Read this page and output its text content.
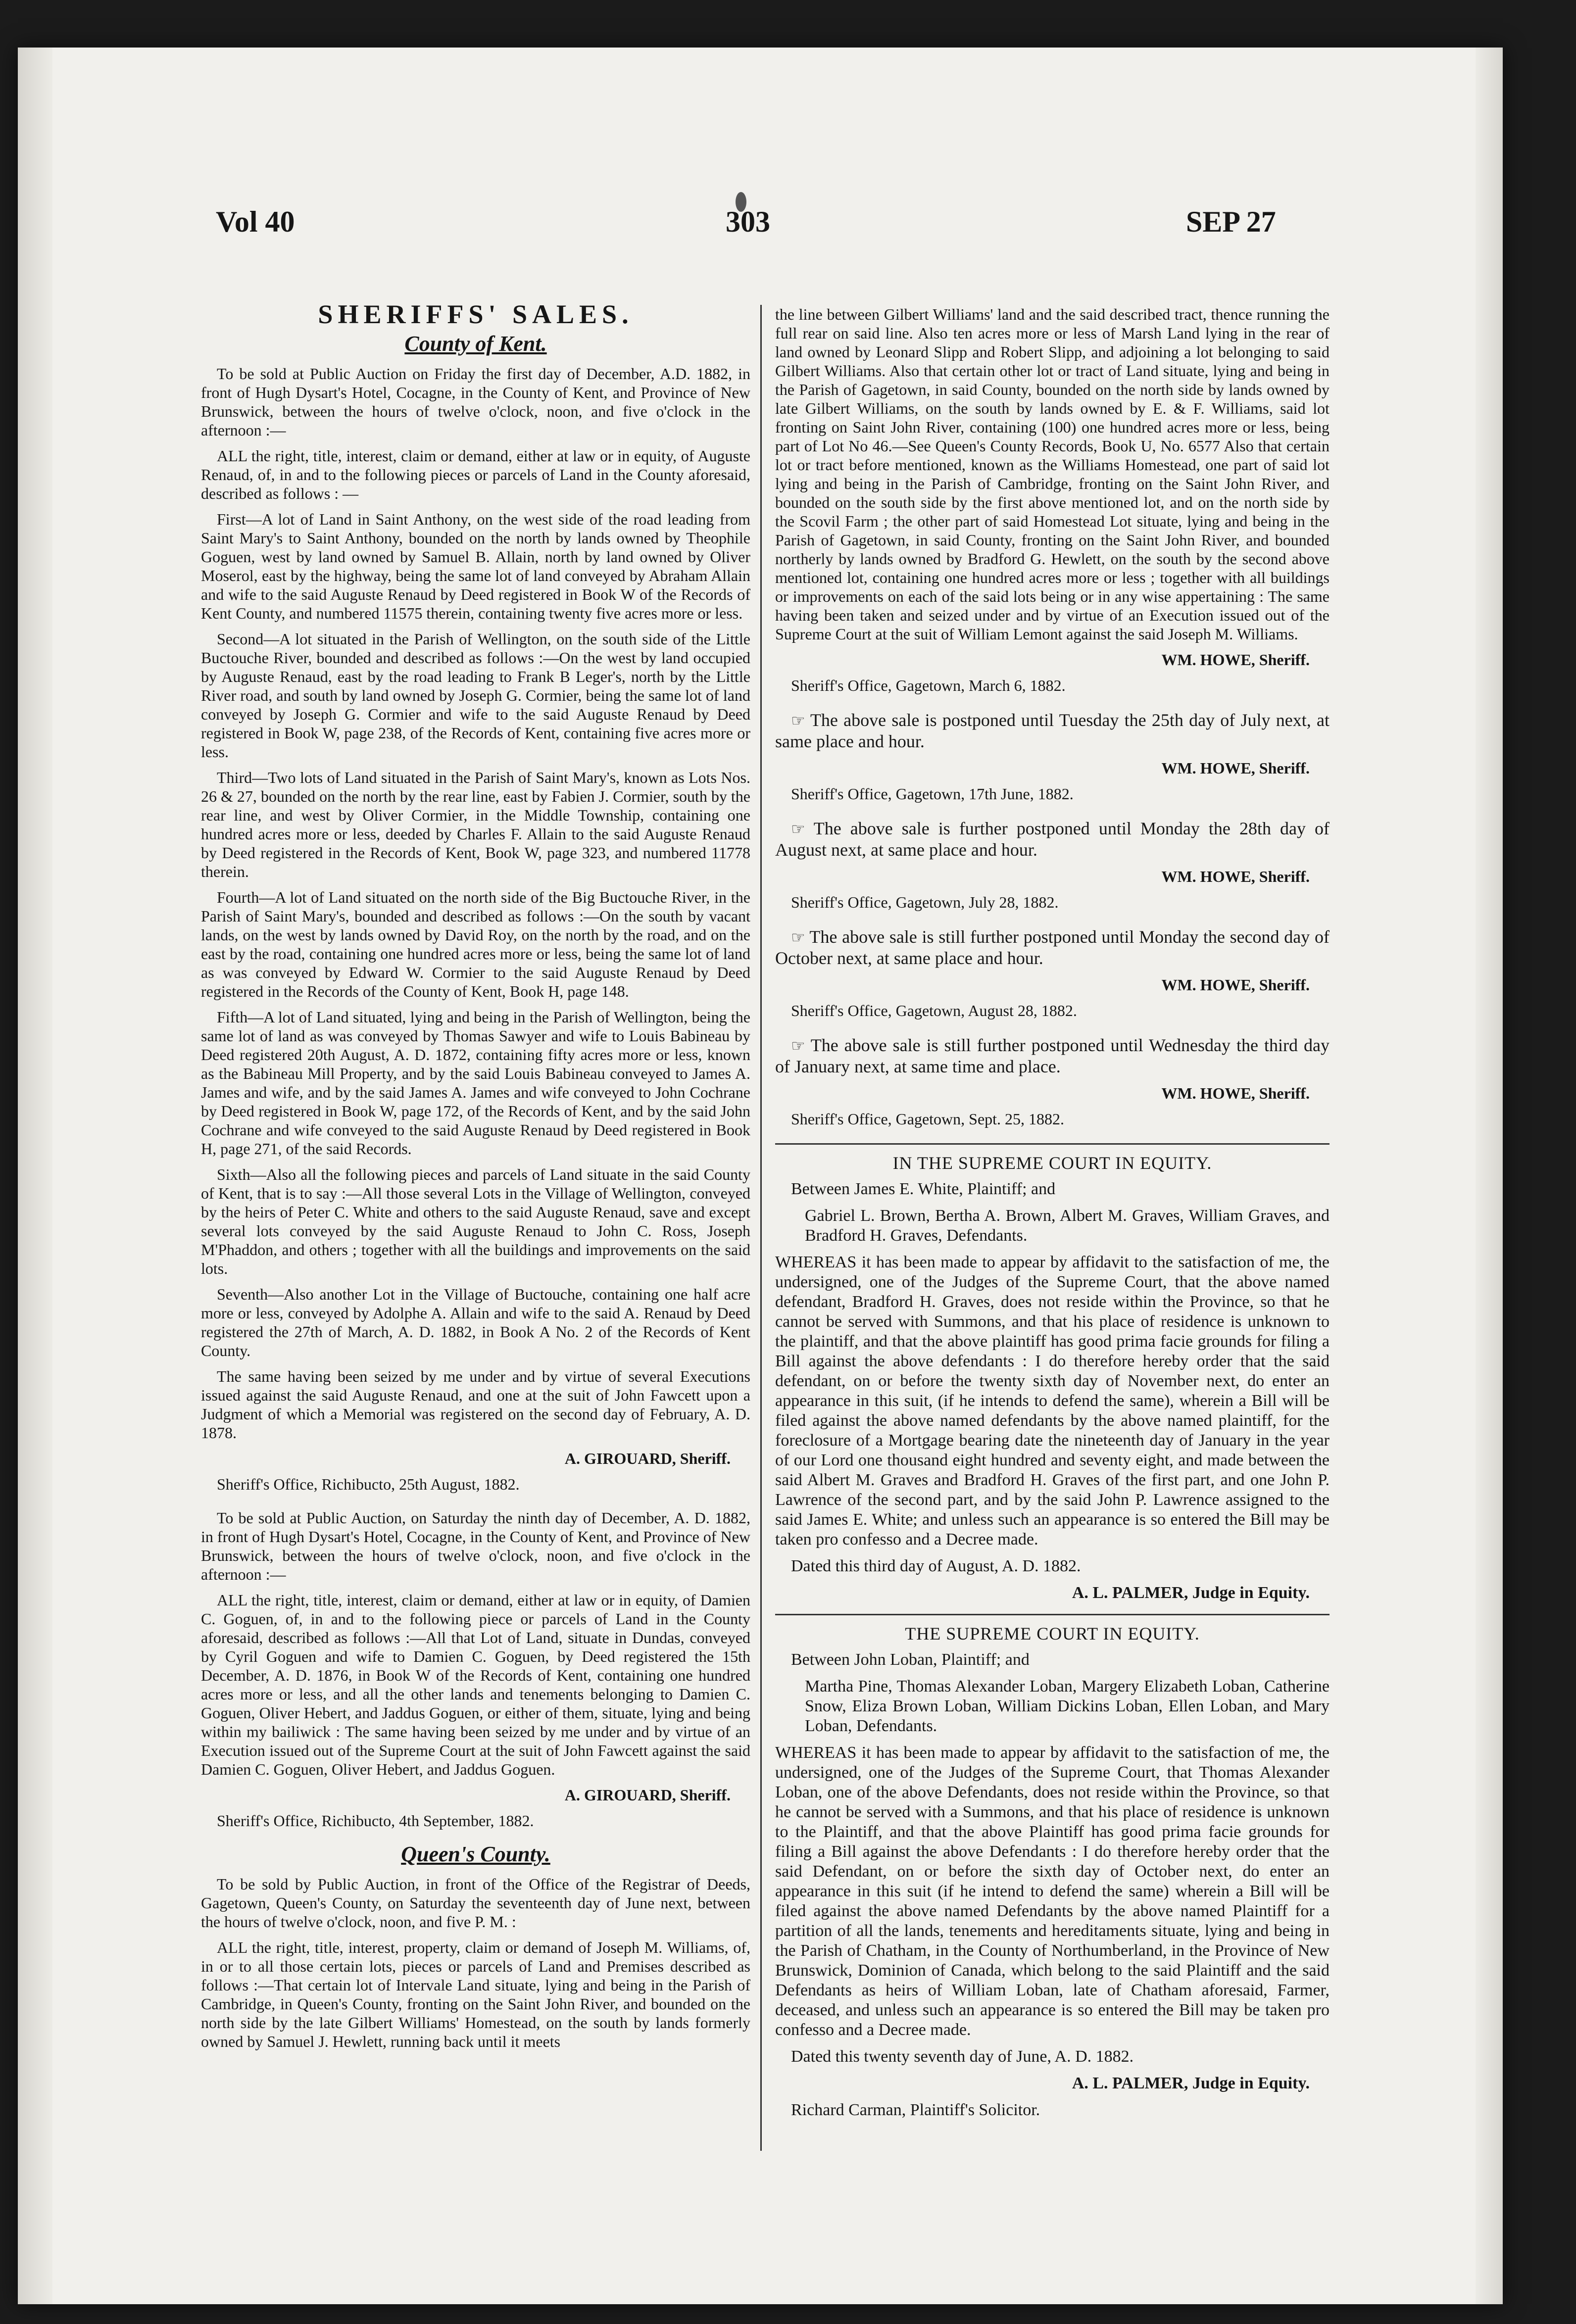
Vol 40	303	SEP 27

SHERIFFS' SALES.

County of Kent.

To be sold at Public Auction on Friday the first day of December, A.D. 1882, in front of Hugh Dysart's Hotel, Cocagne, in the County of Kent, and Province of New Brunswick, between the hours of twelve o'clock, noon, and five o'clock in the afternoon :—

ALL the right, title, interest, claim or demand, either at law or in equity, of Auguste Renaud, of, in and to the following pieces or parcels of Land in the County aforesaid, described as follows : —

First—A lot of Land in Saint Anthony, on the west side of the road leading from Saint Mary's to Saint Anthony, bounded on the north by lands owned by Theophile Goguen, west by land owned by Samuel B. Allain, north by land owned by Oliver Moserol, east by the highway, being the same lot of land conveyed by Abraham Allain and wife to the said Auguste Renaud by Deed registered in Book W of the Records of Kent County, and numbered 11575 therein, containing twenty five acres more or less.

Second—A lot situated in the Parish of Wellington, on the south side of the Little Buctouche River, bounded and described as follows :—On the west by land occupied by Auguste Renaud, east by the road leading to Frank B Leger's, north by the Little River road, and south by land owned by Joseph G. Cormier, being the same lot of land conveyed by Joseph G. Cormier and wife to the said Auguste Renaud by Deed registered in Book W, page 238, of the Records of Kent, containing five acres more or less.

Third—Two lots of Land situated in the Parish of Saint Mary's, known as Lots Nos. 26 & 27, bounded on the north by the rear line, east by Fabien J. Cormier, south by the rear line, and west by Oliver Cormier, in the Middle Township, containing one hundred acres more or less, deeded by Charles F. Allain to the said Auguste Renaud by Deed registered in the Records of Kent, Book W, page 323, and numbered 11778 therein.

Fourth—A lot of Land situated on the north side of the Big Buctouche River, in the Parish of Saint Mary's, bounded and described as follows :—On the south by vacant lands, on the west by lands owned by David Roy, on the north by the road, and on the east by the road, containing one hundred acres more or less, being the same lot of land as was conveyed by Edward W. Cormier to the said Auguste Renaud by Deed registered in the Records of the County of Kent, Book H, page 148.

Fifth—A lot of Land situated, lying and being in the Parish of Wellington, being the same lot of land as was conveyed by Thomas Sawyer and wife to Louis Babineau by Deed registered 20th August, A. D. 1872, containing fifty acres more or less, known as the Babineau Mill Property, and by the said Louis Babineau conveyed to James A. James and wife, and by the said James A. James and wife conveyed to John Cochrane by Deed registered in Book W, page 172, of the Records of Kent, and by the said John Cochrane and wife conveyed to the said Auguste Renaud by Deed registered in Book H, page 271, of the said Records.

Sixth—Also all the following pieces and parcels of Land situate in the said County of Kent, that is to say :—All those several Lots in the Village of Wellington, conveyed by the heirs of Peter C. White and others to the said Auguste Renaud, save and except several lots conveyed by the said Auguste Renaud to John C. Ross, Joseph M'Phaddon, and others ; together with all the buildings and improvements on the said lots.

Seventh—Also another Lot in the Village of Buctouche, containing one half acre more or less, conveyed by Adolphe A. Allain and wife to the said A. Renaud by Deed registered the 27th of March, A. D. 1882, in Book A No. 2 of the Records of Kent County.

The same having been seized by me under and by virtue of several Executions issued against the said Auguste Renaud, and one at the suit of John Fawcett upon a Judgment of which a Memorial was registered on the second day of February, A. D. 1878.

A. GIROUARD, Sheriff.

Sheriff's Office, Richibucto, 25th August, 1882.

To be sold at Public Auction, on Saturday the ninth day of December, A. D. 1882, in front of Hugh Dysart's Hotel, Cocagne, in the County of Kent, and Province of New Brunswick, between the hours of twelve o'clock, noon, and five o'clock in the afternoon :—

ALL the right, title, interest, claim or demand, either at law or in equity, of Damien C. Goguen, of, in and to the following piece or parcels of Land in the County aforesaid, described as follows :—All that Lot of Land, situate in Dundas, conveyed by Cyril Goguen and wife to Damien C. Goguen, by Deed registered the 15th December, A. D. 1876, in Book W of the Records of Kent, containing one hundred acres more or less, and all the other lands and tenements belonging to Damien C. Goguen, Oliver Hebert, and Jaddus Goguen, or either of them, situate, lying and being within my bailiwick : The same having been seized by me under and by virtue of an Execution issued out of the Supreme Court at the suit of John Fawcett against the said Damien C. Goguen, Oliver Hebert, and Jaddus Goguen.

A. GIROUARD, Sheriff.

Sheriff's Office, Richibucto, 4th September, 1882.

Queen's County.

To be sold by Public Auction, in front of the Office of the Registrar of Deeds, Gagetown, Queen's County, on Saturday the seventeenth day of June next, between the hours of twelve o'clock, noon, and five P. M. :

ALL the right, title, interest, property, claim or demand of Joseph M. Williams, of, in or to all those certain lots, pieces or parcels of Land and Premises described as follows :—That certain lot of Intervale Land situate, lying and being in the Parish of Cambridge, in Queen's County, fronting on the Saint John River, and bounded on the north side by the late Gilbert Williams' Homestead, on the south by lands formerly owned by Samuel J. Hewlett, running back until it meets

the line between Gilbert Williams' land and the said described tract, thence running the full rear on said line. Also ten acres more or less of Marsh Land lying in the rear of land owned by Leonard Slipp and Robert Slipp, and adjoining a lot belonging to said Gilbert Williams. Also that certain other lot or tract of Land situate, lying and being in the Parish of Gagetown, in said County, bounded on the north side by lands owned by late Gilbert Williams, on the south by lands owned by E. & F. Williams, said lot fronting on Saint John River, containing (100) one hundred acres more or less, being part of Lot No 46.—See Queen's County Records, Book U, No. 6577 Also that certain lot or tract before mentioned, known as the Williams Homestead, one part of said lot lying and being in the Parish of Cambridge, fronting on the Saint John River, and bounded on the south side by the first above mentioned lot, and on the north side by the Scovil Farm ; the other part of said Homestead Lot situate, lying and being in the Parish of Gagetown, in said County, fronting on the Saint John River, and bounded northerly by lands owned by Bradford G. Hewlett, on the south by the second above mentioned lot, containing one hundred acres more or less ; together with all buildings or improvements on each of the said lots being or in any wise appertaining : The same having been taken and seized under and by virtue of an Execution issued out of the Supreme Court at the suit of William Lemont against the said Joseph M. Williams.

WM. HOWE, Sheriff.

Sheriff's Office, Gagetown, March 6, 1882.

☞ The above sale is postponed until Tuesday the 25th day of July next, at same place and hour.

WM. HOWE, Sheriff.

Sheriff's Office, Gagetown, 17th June, 1882.

☞ The above sale is further postponed until Monday the 28th day of August next, at same place and hour.

WM. HOWE, Sheriff.

Sheriff's Office, Gagetown, July 28, 1882.

☞ The above sale is still further postponed until Monday the second day of October next, at same place and hour.

WM. HOWE, Sheriff.

Sheriff's Office, Gagetown, August 28, 1882.

☞ The above sale is still further postponed until Wednesday the third day of January next, at same time and place.

WM. HOWE, Sheriff.

Sheriff's Office, Gagetown, Sept. 25, 1882.

IN THE SUPREME COURT IN EQUITY.

Between James E. White, Plaintiff; and

Gabriel L. Brown, Bertha A. Brown, Albert M. Graves, William Graves, and Bradford H. Graves, Defendants.

WHEREAS it has been made to appear by affidavit to the satisfaction of me, the undersigned, one of the Judges of the Supreme Court, that the above named defendant, Bradford H. Graves, does not reside within the Province, so that he cannot be served with Summons, and that his place of residence is unknown to the plaintiff, and that the above plaintiff has good prima facie grounds for filing a Bill against the above defendants : I do therefore hereby order that the said defendant, on or before the twenty sixth day of November next, do enter an appearance in this suit, (if he intends to defend the same), wherein a Bill will be filed against the above named defendants by the above named plaintiff, for the foreclosure of a Mortgage bearing date the nineteenth day of January in the year of our Lord one thousand eight hundred and seventy eight, and made between the said Albert M. Graves and Bradford H. Graves of the first part, and one John P. Lawrence of the second part, and by the said John P. Lawrence assigned to the said James E. White; and unless such an appearance is so entered the Bill may be taken pro confesso and a Decree made.

Dated this third day of August, A. D. 1882.

A. L. PALMER, Judge in Equity.

THE SUPREME COURT IN EQUITY.

Between John Loban, Plaintiff; and

Martha Pine, Thomas Alexander Loban, Margery Elizabeth Loban, Catherine Snow, Eliza Brown Loban, William Dickins Loban, Ellen Loban, and Mary Loban, Defendants.

WHEREAS it has been made to appear by affidavit to the satisfaction of me, the undersigned, one of the Judges of the Supreme Court, that Thomas Alexander Loban, one of the above Defendants, does not reside within the Province, so that he cannot be served with a Summons, and that his place of residence is unknown to the Plaintiff, and that the above Plaintiff has good prima facie grounds for filing a Bill against the above Defendants : I do therefore hereby order that the said Defendant, on or before the sixth day of October next, do enter an appearance in this suit (if he intend to defend the same) wherein a Bill will be filed against the above named Defendants by the above named Plaintiff for a partition of all the lands, tenements and hereditaments situate, lying and being in the Parish of Chatham, in the County of Northumberland, in the Province of New Brunswick, Dominion of Canada, which belong to the said Plaintiff and the said Defendants as heirs of William Loban, late of Chatham aforesaid, Farmer, deceased, and unless such an appearance is so entered the Bill may be taken pro confesso and a Decree made.

Dated this twenty seventh day of June, A. D. 1882.

A. L. PALMER, Judge in Equity.

Richard Carman, Plaintiff's Solicitor.
